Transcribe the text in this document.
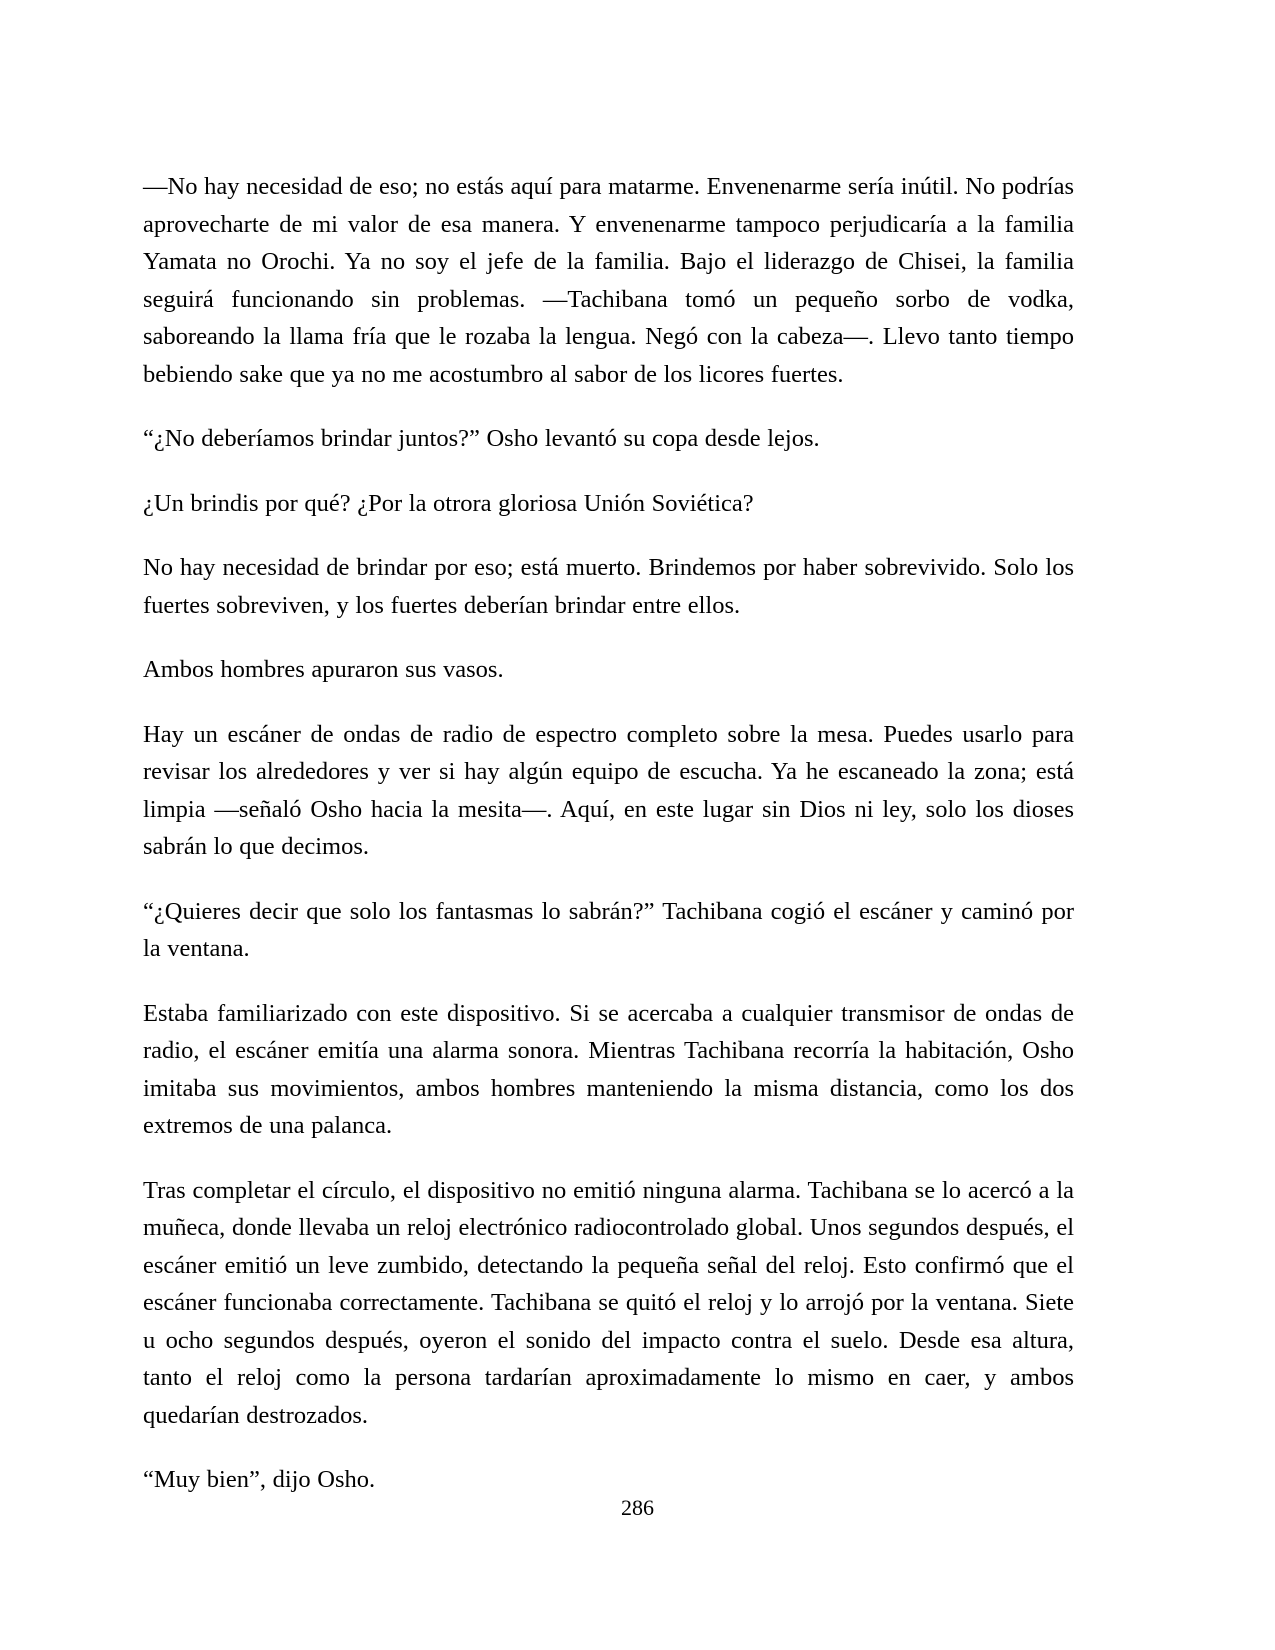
—No hay necesidad de eso; no estás aquí para matarme. Envenenarme sería inútil. No podrías aprovecharte de mi valor de esa manera. Y envenenarme tampoco perjudicaría a la familia Yamata no Orochi. Ya no soy el jefe de la familia. Bajo el liderazgo de Chisei, la familia seguirá funcionando sin problemas. —Tachibana tomó un pequeño sorbo de vodka, saboreando la llama fría que le rozaba la lengua. Negó con la cabeza—. Llevo tanto tiempo bebiendo sake que ya no me acostumbro al sabor de los licores fuertes.

“¿No deberíamos brindar juntos?” Osho levantó su copa desde lejos.

¿Un brindis por qué? ¿Por la otrora gloriosa Unión Soviética?

No hay necesidad de brindar por eso; está muerto. Brindemos por haber sobrevivido. Solo los fuertes sobreviven, y los fuertes deberían brindar entre ellos.

Ambos hombres apuraron sus vasos.

Hay un escáner de ondas de radio de espectro completo sobre la mesa. Puedes usarlo para revisar los alrededores y ver si hay algún equipo de escucha. Ya he escaneado la zona; está limpia —señaló Osho hacia la mesita—. Aquí, en este lugar sin Dios ni ley, solo los dioses sabrán lo que decimos.

“¿Quieres decir que solo los fantasmas lo sabrán?” Tachibana cogió el escáner y caminó por la ventana.

Estaba familiarizado con este dispositivo. Si se acercaba a cualquier transmisor de ondas de radio, el escáner emitía una alarma sonora. Mientras Tachibana recorría la habitación, Osho imitaba sus movimientos, ambos hombres manteniendo la misma distancia, como los dos extremos de una palanca.

Tras completar el círculo, el dispositivo no emitió ninguna alarma. Tachibana se lo acercó a la muñeca, donde llevaba un reloj electrónico radiocontrolado global. Unos segundos después, el escáner emitió un leve zumbido, detectando la pequeña señal del reloj. Esto confirmó que el escáner funcionaba correctamente. Tachibana se quitó el reloj y lo arrojó por la ventana. Siete u ocho segundos después, oyeron el sonido del impacto contra el suelo. Desde esa altura, tanto el reloj como la persona tardarían aproximadamente lo mismo en caer, y ambos quedarían destrozados.

“Muy bien”, dijo Osho.

286
